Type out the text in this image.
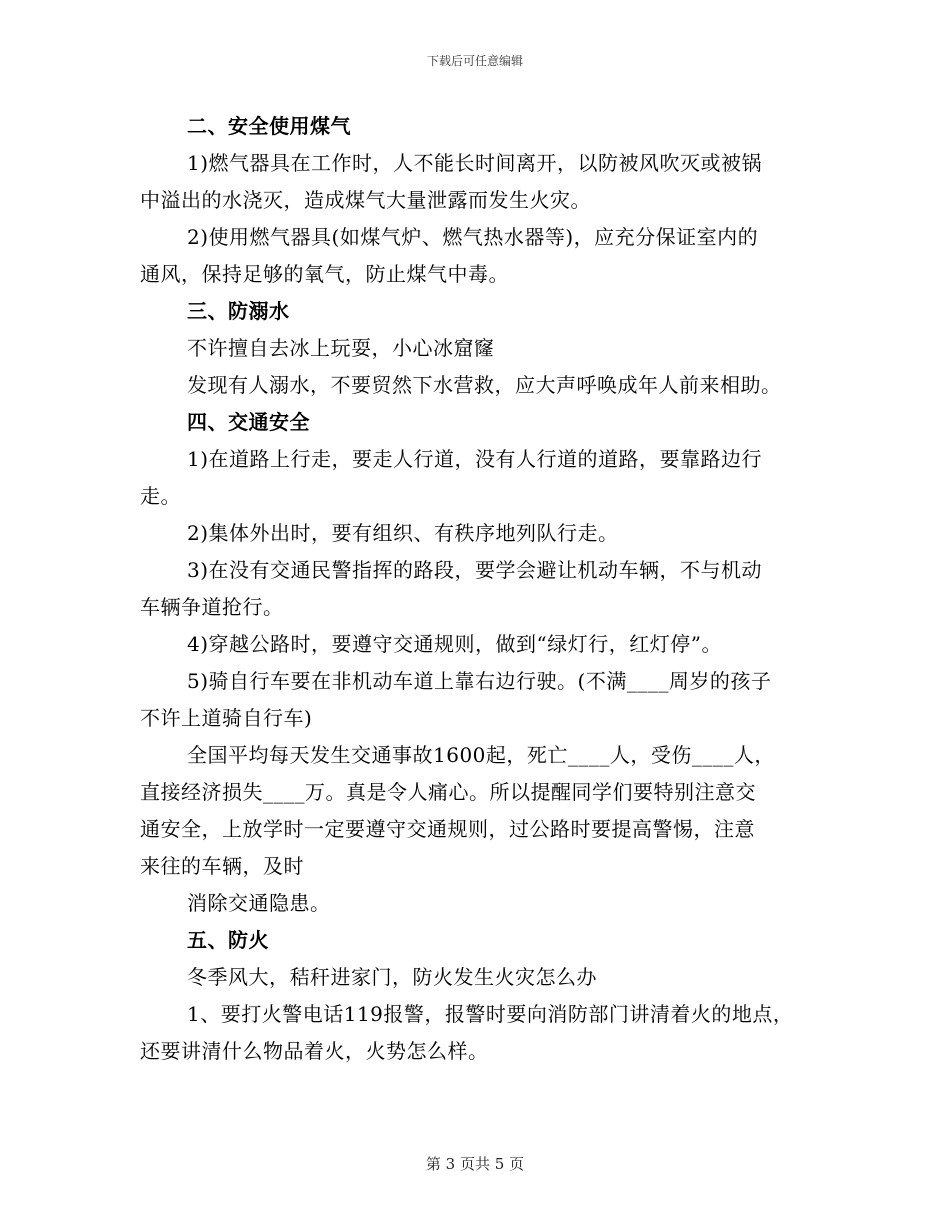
下载后可任意编辑
二、安全使用煤气
1)燃气器具在工作时，人不能长时间离开，以防被风吹灭或被锅
中溢出的水浇灭，造成煤气大量泄露而发生火灾。
2)使用燃气器具(如煤气炉、燃气热水器等)，应充分保证室内的
通风，保持足够的氧气，防止煤气中毒。
三、防溺水
不许擅自去冰上玩耍，小心冰窟窿
发现有人溺水，不要贸然下水营救，应大声呼唤成年人前来相助。
四、交通安全
1)在道路上行走，要走人行道，没有人行道的道路，要靠路边行
走。
2)集体外出时，要有组织、有秩序地列队行走。
3)在没有交通民警指挥的路段，要学会避让机动车辆，不与机动
车辆争道抢行。
4)穿越公路时，要遵守交通规则，做到“绿灯行，红灯停”。
5)骑自行车要在非机动车道上靠右边行驶。(不满____周岁的孩子
不许上道骑自行车)
全国平均每天发生交通事故1600起，死亡____人，受伤____人，
直接经济损失____万。真是令人痛心。所以提醒同学们要特别注意交
通安全，上放学时一定要遵守交通规则，过公路时要提高警惕，注意
来往的车辆，及时
消除交通隐患。
五、防火
冬季风大，秸秆进家门，防火发生火灾怎么办
1、要打火警电话119报警，报警时要向消防部门讲清着火的地点，
还要讲清什么物品着火，火势怎么样。
第 3 页共 5 页
